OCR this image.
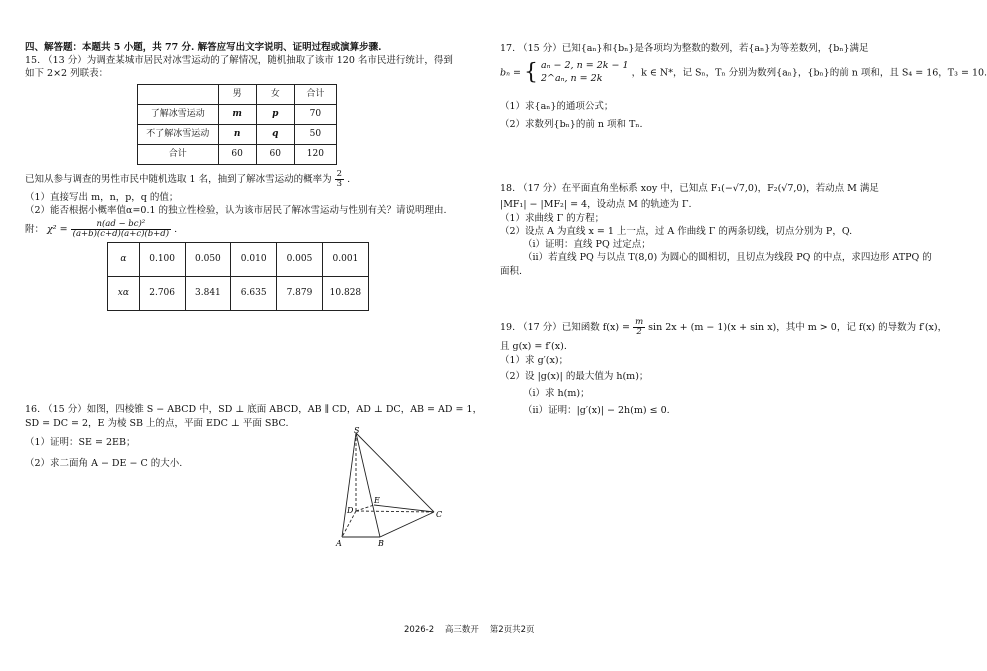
四、解答题：本题共 5 小题，共 77 分. 解答应写出文字说明、证明过程或演算步骤.
15. （13 分）为调查某城市居民对冰雪运动的了解情况，随机抽取了该市 120 名市民进行统计，得到
如下 2×2 列联表：
	男	女	合计
了解冰雪运动	m	p	70
不了解冰雪运动	n	q	50
合计	60	60	120
已知从参与调查的男性市民中随机选取 1 名，抽到了解冰雪运动的概率为 $\frac{2}{3}$ .
（1）直接写出 m，n，p，q 的值；
（2）能否根据小概率值α=0.1 的独立性检验，认为该市居民了解冰雪运动与性别有关？请说明理由.
附： $\chi^2 = \frac{\text{n(ad − bc)²}}{(a+b)(c+d)(a+c)(b+d)}$ .
α	0.100	0.050	0.010	0.005	0.001
xα	2.706	3.841	6.635	7.879	10.828
16. （15 分）如图，四棱锥 S − ABCD 中，SD ⊥ 底面 ABCD，AB ∥ CD，AD ⊥ DC，AB = AD = 1，
SD = DC = 2，E 为棱 SB 上的点，平面 EDC ⊥ 平面 SBC.
（1）证明：SE = 2EB；
（2）求二面角 A − DE − C 的大小.
S
E
D	C
A	B
17. （15 分）已知{aₙ}和{bₙ}是各项均为整数的数列，若{aₙ}为等差数列，{bₙ}满足
bₙ = { aₙ − 2, n = 2k − 1
2^aₙ, n = 2k	，k ∈ N*，记 Sₙ，Tₙ 分别为数列{aₙ}，{bₙ}的前 n 项和，且 S₄ = 16，T₃ = 10.
（1）求{aₙ}的通项公式；
（2）求数列{bₙ}的前 n 项和 Tₙ.
18. （17 分）在平面直角坐标系 xoy 中，已知点 F₁(−√7,0)，F₂(√7,0)，若动点 M 满足
|MF₁| − |MF₂| = 4，设动点 M 的轨迹为 Γ.
（1）求曲线 Γ 的方程；
（2）设点 A 为直线 x = 1 上一点，过 A 作曲线 Γ 的两条切线，切点分别为 P，Q.
（i）证明：直线 PQ 过定点；
（ii）若直线 PQ 与以点 T(8,0) 为圆心的圆相切，且切点为线段 PQ 的中点，求四边形 ATPQ 的
面积.
19. （17 分）已知函数 $f(x) = \frac{m}{2}$ sin 2x + (m − 1)(x + sin x)，其中 m > 0，记 f(x) 的导数为 f′(x)，
且 g(x) = f′(x).
（1）求 g′(x)；
（2）设 |g(x)| 的最大值为 h(m)；
（i）求 h(m)；
（ii）证明：|g′(x)| − 2h(m) ≤ 0.
2026-2    高三数开    第2页共2页
